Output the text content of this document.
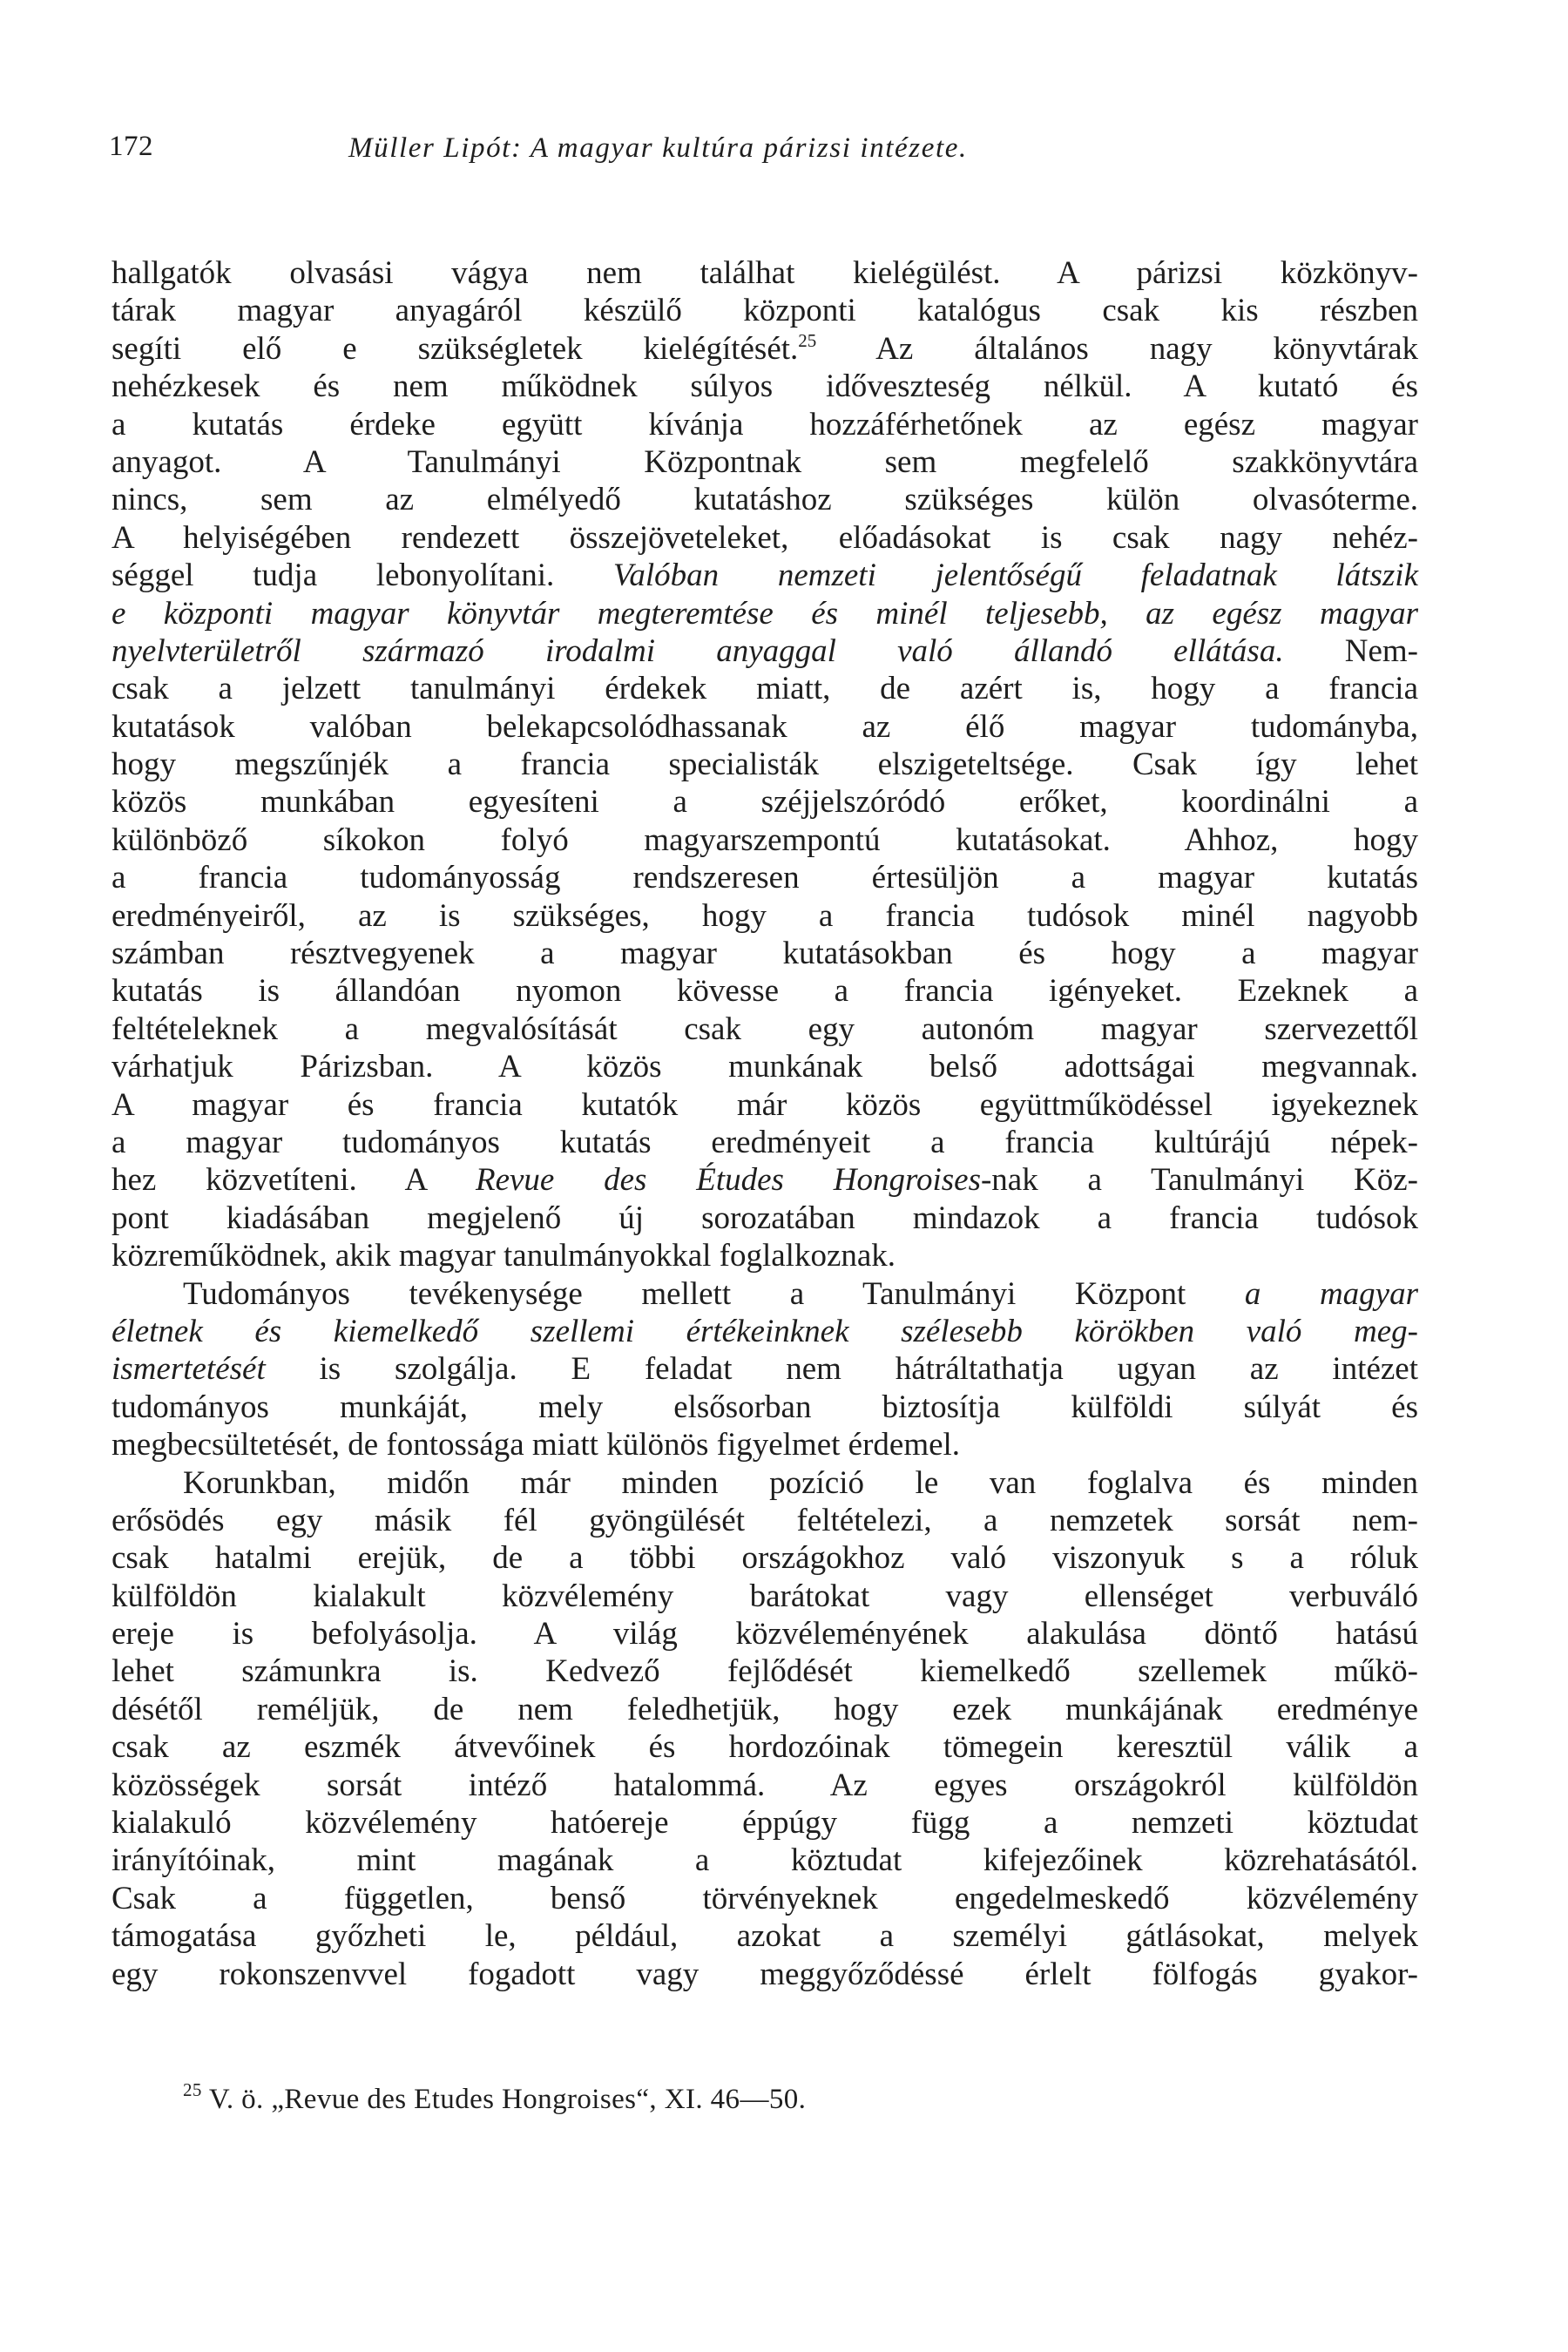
172	Müller Lipót: A magyar kultúra párizsi intézete.
hallgatók olvasási vágya nem találhat kielégülést. A párizsi közkönyv-
tárak magyar anyagáról készülő központi katalógus csak kis részben
segíti elő e szükségletek kielégítését.$^{25}$ Az általános nagy könyvtárak
nehézkesek és nem működnek súlyos időveszteség nélkül. A kutató és
a kutatás érdeke együtt kívánja hozzáférhetőnek az egész magyar
anyagot. A Tanulmányi Központnak sem megfelelő szakkönyvtára
nincs, sem az elmélyedő kutatáshoz szükséges külön olvasóterme.
A helyiségében rendezett összejöveteleket, előadásokat is csak nagy nehéz-
séggel tudja lebonyolítani. Valóban nemzeti jelentőségű feladatnak látszik
e központi magyar könyvtár megteremtése és minél teljesebb, az egész magyar
nyelvterületről származó irodalmi anyaggal való állandó ellátása. Nem-
csak a jelzett tanulmányi érdekek miatt, de azért is, hogy a francia
kutatások valóban belekapcsolódhassanak az élő magyar tudományba,
hogy megszűnjék a francia specialisták elszigeteltsége. Csak így lehet
közös munkában egyesíteni a széjjelszóródó erőket, koordinálni a
különböző síkokon folyó magyarszempontú kutatásokat. Ahhoz, hogy
a francia tudományosság rendszeresen értesüljön a magyar kutatás
eredményeiről, az is szükséges, hogy a francia tudósok minél nagyobb
számban résztvegyenek a magyar kutatásokban és hogy a magyar
kutatás is állandóan nyomon kövesse a francia igényeket. Ezeknek a
feltételeknek a megvalósítását csak egy autonóm magyar szervezettől
várhatjuk Párizsban. A közös munkának belső adottságai megvannak.
A magyar és francia kutatók már közös együttműködéssel igyekeznek
a magyar tudományos kutatás eredményeit a francia kultúrájú népek-
hez közvetíteni. A Revue des Études Hongroises-nak a Tanulmányi Köz-
pont kiadásában megjelenő új sorozatában mindazok a francia tudósok
közreműködnek, akik magyar tanulmányokkal foglalkoznak.
Tudományos tevékenysége mellett a Tanulmányi Központ a magyar
életnek és kiemelkedő szellemi értékeinknek szélesebb körökben való meg-
ismertetését is szolgálja. E feladat nem hátráltathatja ugyan az intézet
tudományos munkáját, mely elsősorban biztosítja külföldi súlyát és
megbecsültetését, de fontossága miatt különös figyelmet érdemel.
Korunkban, midőn már minden pozíció le van foglalva és minden
erősödés egy másik fél gyöngülését feltételezi, a nemzetek sorsát nem-
csak hatalmi erejük, de a többi országokhoz való viszonyuk s a róluk
külföldön kialakult közvélemény barátokat vagy ellenséget verbuváló
ereje is befolyásolja. A világ közvéleményének alakulása döntő hatású
lehet számunkra is. Kedvező fejlődését kiemelkedő szellemek műkö-
désétől reméljük, de nem feledhetjük, hogy ezek munkájának eredménye
csak az eszmék átvevőinek és hordozóinak tömegein keresztül válik a
közösségek sorsát intéző hatalommá. Az egyes országokról külföldön
kialakuló közvélemény hatóereje éppúgy függ a nemzeti köztudat
irányítóinak, mint magának a köztudat kifejezőinek közrehatásától.
Csak a független, benső törvényeknek engedelmeskedő közvélemény
támogatása győzheti le, például, azokat a személyi gátlásokat, melyek
egy rokonszenvvel fogadott vagy meggyőződéssé érlelt fölfogás gyakor-
$^{25}$ V. ö. „Revue des Etudes Hongroises“, XI. 46—50.
